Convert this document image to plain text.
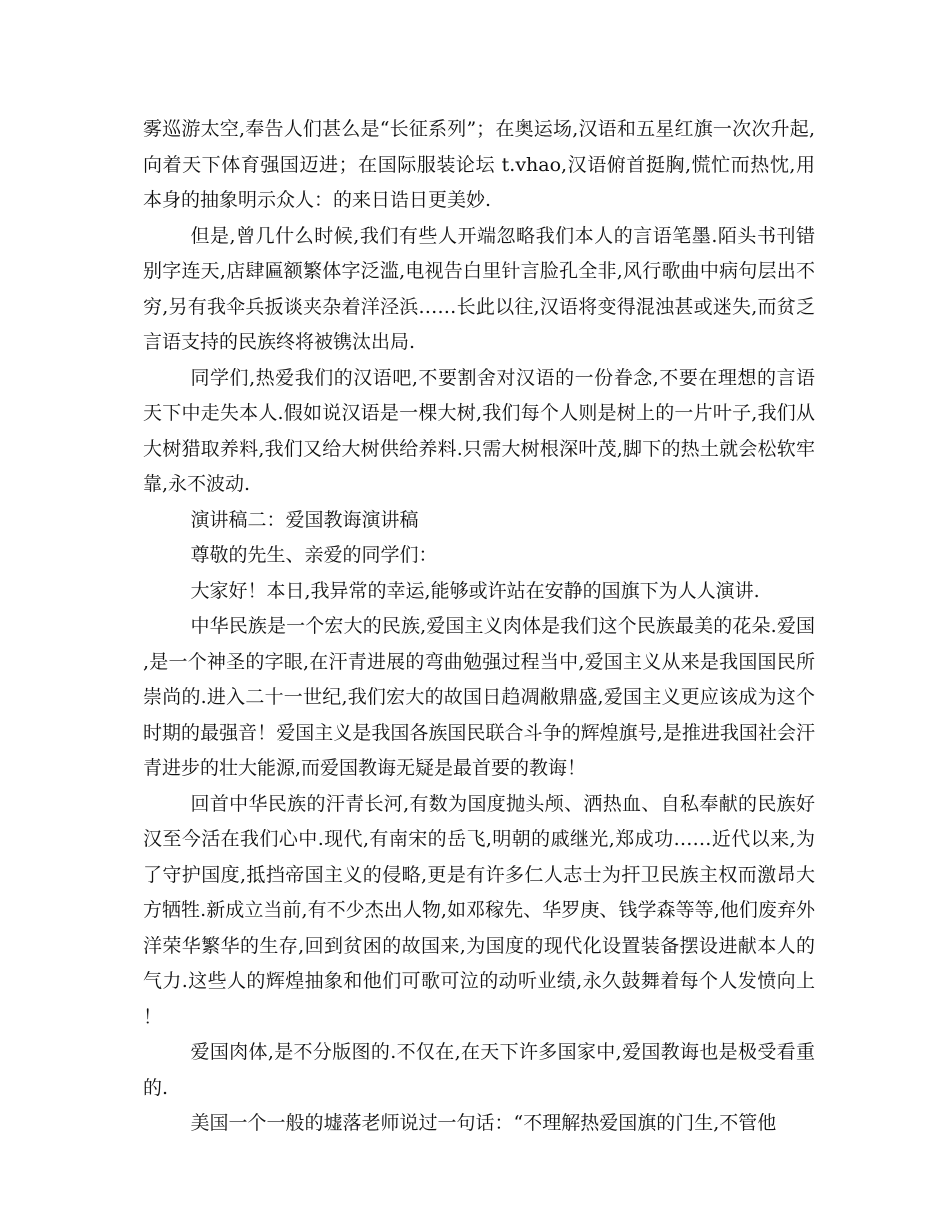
雾巡游太空,奉告人们甚么是“长征系列”；在奥运场,汉语和五星红旗一次次升起,向着天下体育强国迈进；在国际服装论坛 t.vhao,汉语俯首挺胸,慌忙而热忱,用本身的抽象明示众人：的来日诰日更美妙.

但是,曾几什么时候,我们有些人开端忽略我们本人的言语笔墨.陌头书刊错别字连天,店肆匾额繁体字泛滥,电视告白里针言脸孔全非,风行歌曲中病句层出不穷,另有我伞兵扳谈夹杂着洋泾浜……长此以往,汉语将变得混浊甚或迷失,而贫乏言语支持的民族终将被镌汰出局.

同学们,热爱我们的汉语吧,不要割舍对汉语的一份眷念,不要在理想的言语天下中走失本人.假如说汉语是一棵大树,我们每个人则是树上的一片叶子,我们从大树猎取养料,我们又给大树供给养料.只需大树根深叶茂,脚下的热土就会松软牢靠,永不波动.

演讲稿二：爱国教诲演讲稿

尊敬的先生、亲爱的同学们：

大家好！本日,我异常的幸运,能够或许站在安静的国旗下为人人演讲.

中华民族是一个宏大的民族,爱国主义肉体是我们这个民族最美的花朵.爱国,是一个神圣的字眼,在汗青进展的弯曲勉强过程当中,爱国主义从来是我国国民所崇尚的.进入二十一世纪,我们宏大的故国日趋凋敝鼎盛,爱国主义更应该成为这个时期的最强音！爱国主义是我国各族国民联合斗争的辉煌旗号,是推进我国社会汗青进步的壮大能源,而爱国教诲无疑是最首要的教诲！

回首中华民族的汗青长河,有数为国度抛头颅、洒热血、自私奉献的民族好汉至今活在我们心中.现代,有南宋的岳飞,明朝的戚继光,郑成功……近代以来,为了守护国度,抵挡帝国主义的侵略,更是有许多仁人志士为扞卫民族主权而激昂大方牺牲.新成立当前,有不少杰出人物,如邓稼先、华罗庚、钱学森等等,他们废弃外洋荣华繁华的生存,回到贫困的故国来,为国度的现代化设置装备摆设进献本人的气力.这些人的辉煌抽象和他们可歌可泣的动听业绩,永久鼓舞着每个人发愤向上！

爱国肉体,是不分版图的.不仅在,在天下许多国家中,爱国教诲也是极受看重的.

美国一个一般的墟落老师说过一句话：“不理解热爱国旗的门生,不管他
